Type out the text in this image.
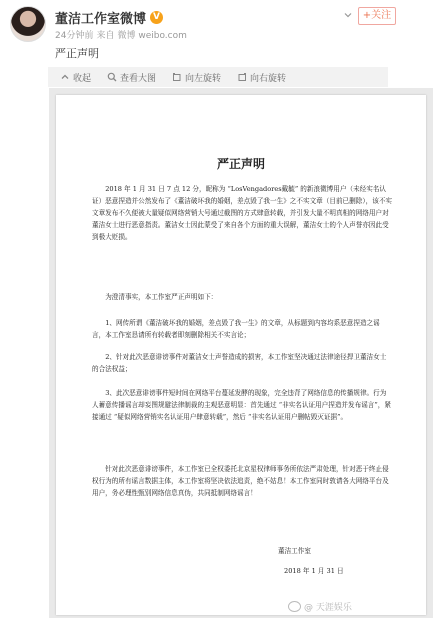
董洁工作室微博 V
24分钟前 来自 微博 weibo.com
+关注
严正声明
收起	查看大图	向左旋转	向右旋转
严正声明

2018 年 1 月 31 日 7 点 12 分，昵称为 “LosVengadores戴毓” 的新浪微博用户（未经实名认证）恶意捏造并公然发布了《董洁破坏我的婚姻，差点毁了我一生》之不实文章（目前已删除），该不实文章发布不久便被大量疑似网络营销大号通过截图的方式肆意转载，并引发大量不明真相的网络用户对董洁女士进行恶意指责。董洁女士因此蒙受了来自各个方面的重大误解，董洁女士的个人声誉亦因此受到极大贬损。

为澄清事实，本工作室严正声明如下：

1、网传所谓《董洁破坏我的婚姻，差点毁了我一生》的文章，从标题到内容均系恶意捏造之谣言，本工作室恳请所有转载者即刻删除相关不实言论；

2、针对此次恶意诽谤事件对董洁女士声誉造成的损害，本工作室坚决通过法律途径捍卫董洁女士的合法权益；

3、此次恶意诽谤事件短时间在网络平台蔓延发酵的现象，完全违背了网络信息的传播规律。行为人蓄意传播谣言却妄图规避法律制裁的主观恶意明显：首先通过 “非实名认证用户捏造并发布谣言”，紧接通过 “疑似网络营销实名认证用户肆意转载”，然后 “非实名认证用户删帖毁灭证据”。

针对此次恶意诽谤事件，本工作室已全权委托北京星权律师事务所依法严肃处理，针对恶于终止侵权行为的所有谣言数据主体，本工作室将坚决依法追责，绝不姑息！本工作室同时敦请各大网络平台及用户，务必理性甄别网络信息真伪，共同抵制网络谣言！

董洁工作室
2018 年 1 月 31 日
@ 天涯娱乐
